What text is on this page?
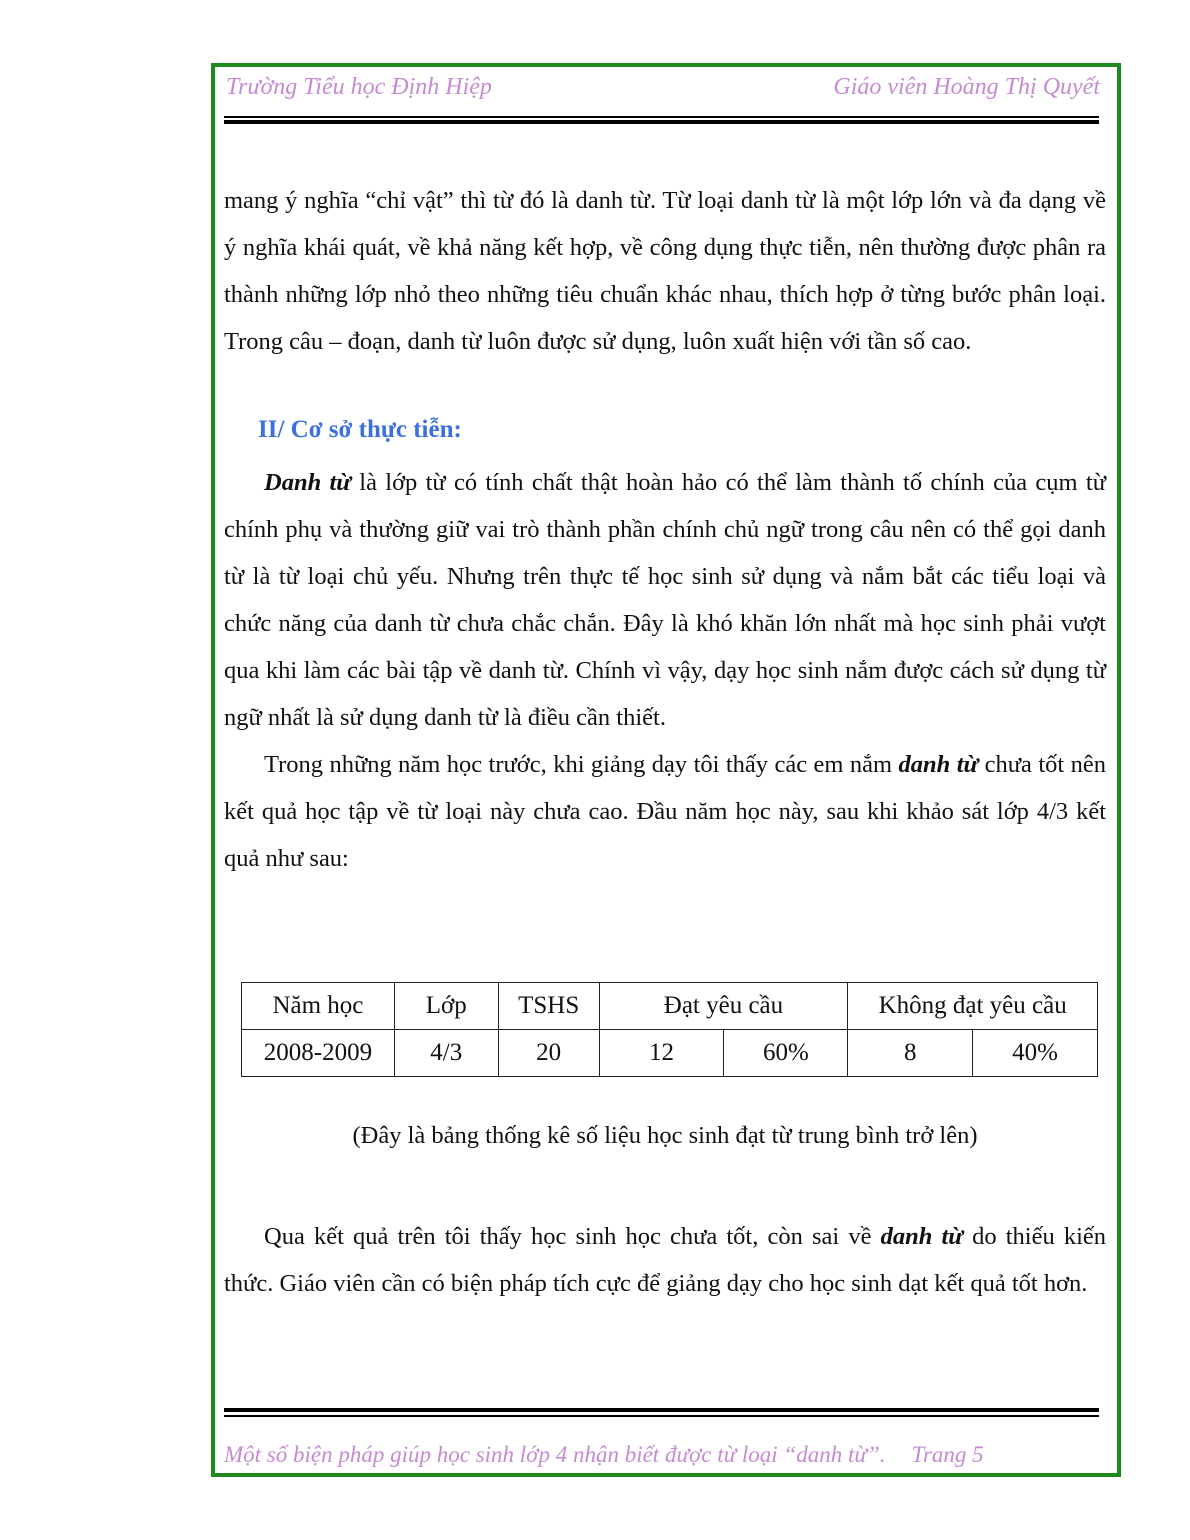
Trường Tiểu học Định Hiệp	Giáo viên Hoàng Thị Quyết

mang ý nghĩa “chỉ vật” thì từ đó là danh từ. Từ loại danh từ là một lớp lớn và đa dạng về ý nghĩa khái quát, về khả năng kết hợp, về công dụng thực tiễn, nên thường được phân ra thành những lớp nhỏ theo những tiêu chuẩn khác nhau, thích hợp ở từng bước phân loại. Trong câu – đoạn, danh từ luôn được sử dụng, luôn xuất hiện với tần số cao.

II/ Cơ sở thực tiễn:

Danh từ là lớp từ có tính chất thật hoàn hảo có thể làm thành tố chính của cụm từ chính phụ và thường giữ vai trò thành phần chính chủ ngữ trong câu nên có thể gọi danh từ là từ loại chủ yếu. Nhưng trên thực tế học sinh sử dụng và nắm bắt các tiểu loại và chức năng của danh từ chưa chắc chắn. Đây là khó khăn lớn nhất mà học sinh phải vượt qua khi làm các bài tập về danh từ. Chính vì vậy, dạy học sinh nắm được cách sử dụng từ ngữ nhất là sử dụng danh từ là điều cần thiết.

Trong những năm học trước, khi giảng dạy tôi thấy các em nắm danh từ chưa tốt nên kết quả học tập về từ loại này chưa cao. Đầu năm học này, sau khi khảo sát lớp 4/3 kết quả như sau:

Năm học	Lớp	TSHS	Đạt yêu cầu		Không đạt yêu cầu	
2008-2009	4/3	20	12	60%	8	40%

(Đây là bảng thống kê số liệu học sinh đạt từ trung bình trở lên)

Qua kết quả trên tôi thấy học sinh học chưa tốt, còn sai về danh từ do thiếu kiến thức. Giáo viên cần có biện pháp tích cực để giảng dạy cho học sinh dạt kết quả tốt hơn.

Một số biện pháp giúp học sinh lớp 4 nhận biết được từ loại “danh từ”. Trang 5
